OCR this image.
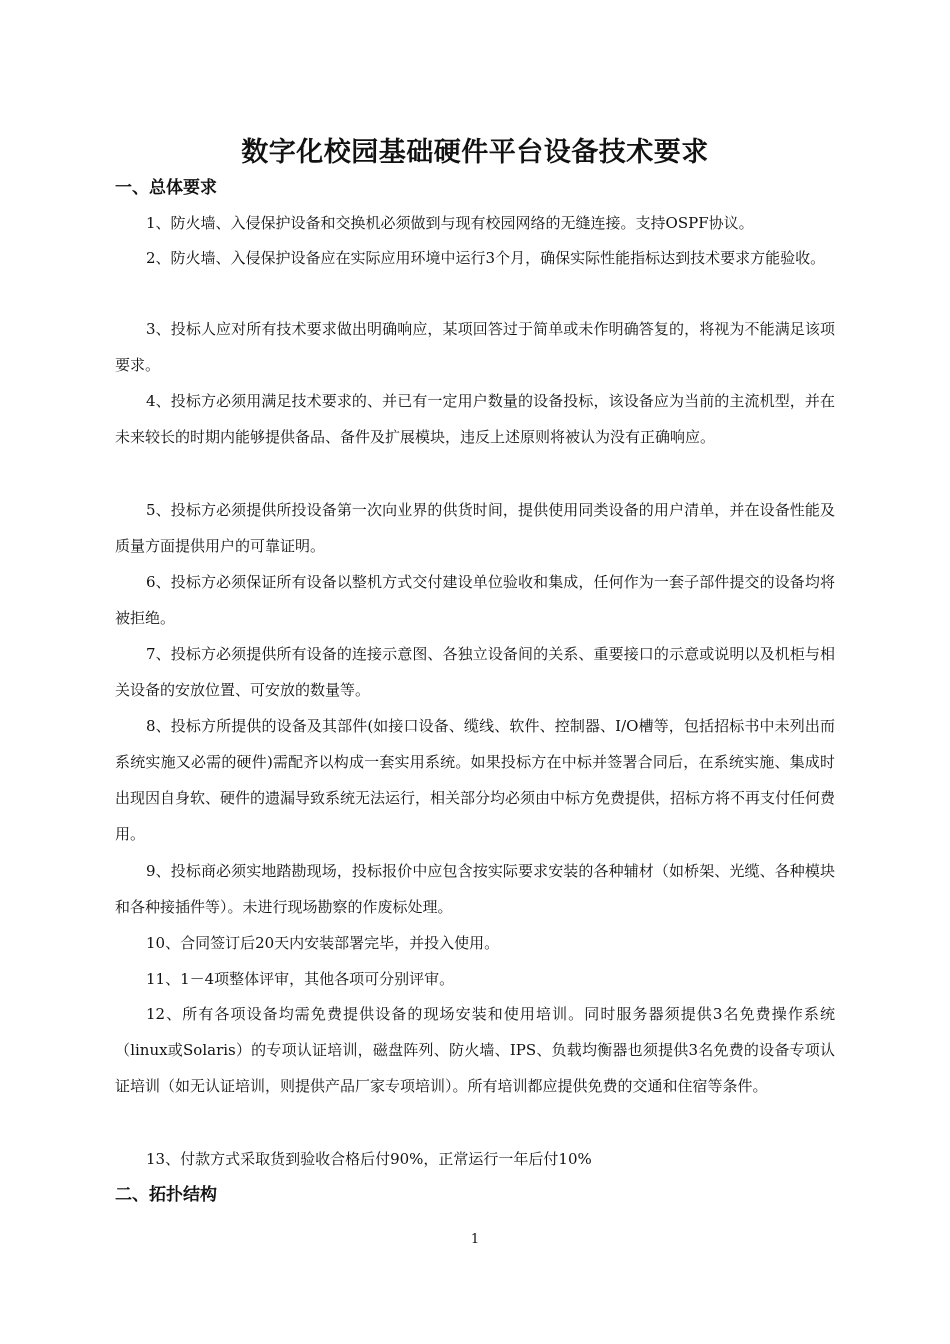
数字化校园基础硬件平台设备技术要求
一、总体要求
1、防火墙、入侵保护设备和交换机必须做到与现有校园网络的无缝连接。支持OSPF协议。
2、防火墙、入侵保护设备应在实际应用环境中运行3个月，确保实际性能指标达到技术要求方能验收。
3、投标人应对所有技术要求做出明确响应，某项回答过于简单或未作明确答复的，将视为不能满足该项要求。
4、投标方必须用满足技术要求的、并已有一定用户数量的设备投标，该设备应为当前的主流机型，并在未来较长的时期内能够提供备品、备件及扩展模块，违反上述原则将被认为没有正确响应。
5、投标方必须提供所投设备第一次向业界的供货时间，提供使用同类设备的用户清单，并在设备性能及质量方面提供用户的可靠证明。
6、投标方必须保证所有设备以整机方式交付建设单位验收和集成，任何作为一套子部件提交的设备均将被拒绝。
7、投标方必须提供所有设备的连接示意图、各独立设备间的关系、重要接口的示意或说明以及机柜与相关设备的安放位置、可安放的数量等。
8、投标方所提供的设备及其部件(如接口设备、缆线、软件、控制器、I/O槽等，包括招标书中未列出而系统实施又必需的硬件)需配齐以构成一套实用系统。如果投标方在中标并签署合同后，在系统实施、集成时出现因自身软、硬件的遗漏导致系统无法运行，相关部分均必须由中标方免费提供，招标方将不再支付任何费用。
9、投标商必须实地踏勘现场，投标报价中应包含按实际要求安装的各种辅材（如桥架、光缆、各种模块和各种接插件等）。未进行现场勘察的作废标处理。
10、合同签订后20天内安装部署完毕，并投入使用。
11、1－4项整体评审，其他各项可分别评审。
12、所有各项设备均需免费提供设备的现场安装和使用培训。同时服务器须提供3名免费操作系统（linux或Solaris）的专项认证培训，磁盘阵列、防火墙、IPS、负载均衡器也须提供3名免费的设备专项认证培训（如无认证培训，则提供产品厂家专项培训）。所有培训都应提供免费的交通和住宿等条件。
13、付款方式采取货到验收合格后付90%，正常运行一年后付10%
二、拓扑结构
1
